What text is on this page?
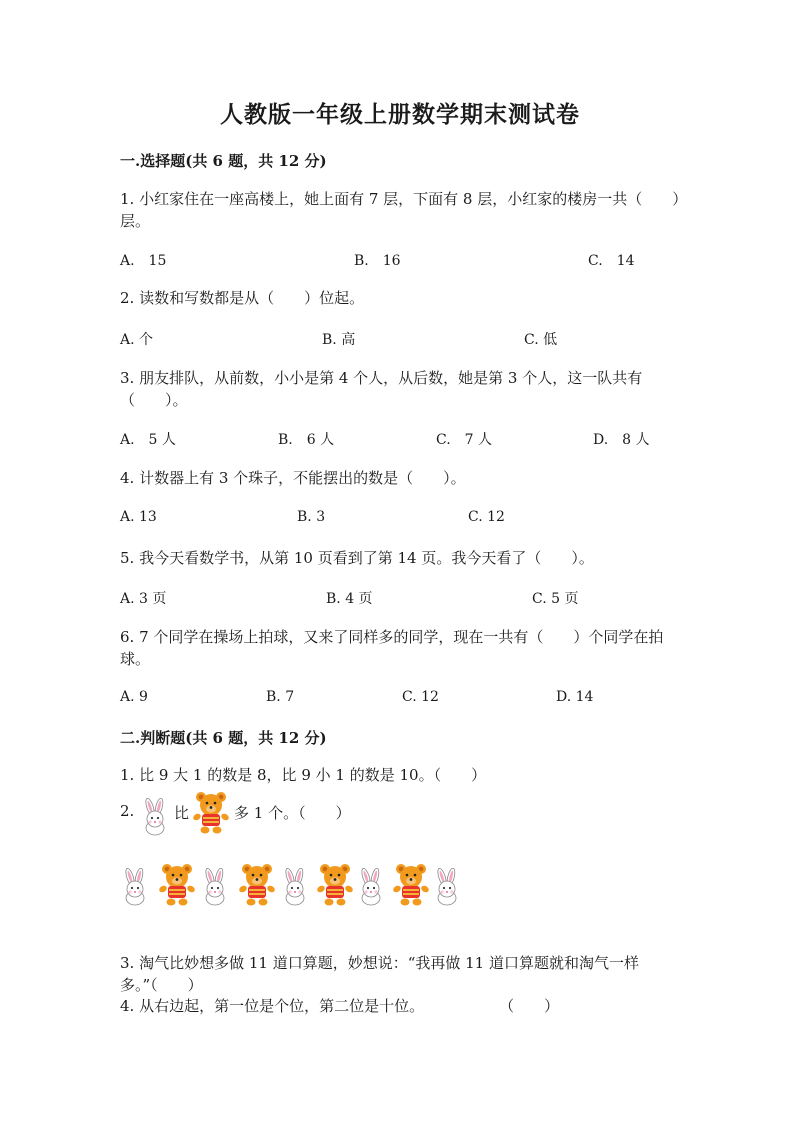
人教版一年级上册数学期末测试卷
一.选择题(共 6 题，共 12 分)
1. 小红家住在一座高楼上，她上面有 7 层，下面有 8 层，小红家的楼房一共（　　）层。
A.　15	B.　16	C.　14
2. 读数和写数都是从（　　）位起。
A. 个	B. 高	C. 低
3. 朋友排队，从前数，小小是第 4 个人，从后数，她是第 3 个人，这一队共有（　　）。
A.　5 人	B.　6 人	C.　7 人	D.　8 人
4. 计数器上有 3 个珠子，不能摆出的数是（　　）。
A. 13	B. 3	C. 12
5. 我今天看数学书，从第 10 页看到了第 14 页。我今天看了（　　）。
A. 3 页	B. 4 页	C. 5 页
6. 7 个同学在操场上拍球，又来了同样多的同学，现在一共有（　　）个同学在拍球。
A. 9	B. 7	C. 12	D. 14
二.判断题(共 6 题，共 12 分)
1. 比 9 大 1 的数是 8，比 9 小 1 的数是 10。（　　）
2.	比	多 1 个。（　　）
3. 淘气比妙想多做 11 道口算题，妙想说：“我再做 11 道口算题就和淘气一样多。”（　　）
4. 从右边起，第一位是个位，第二位是十位。　　　　　　（　　）
